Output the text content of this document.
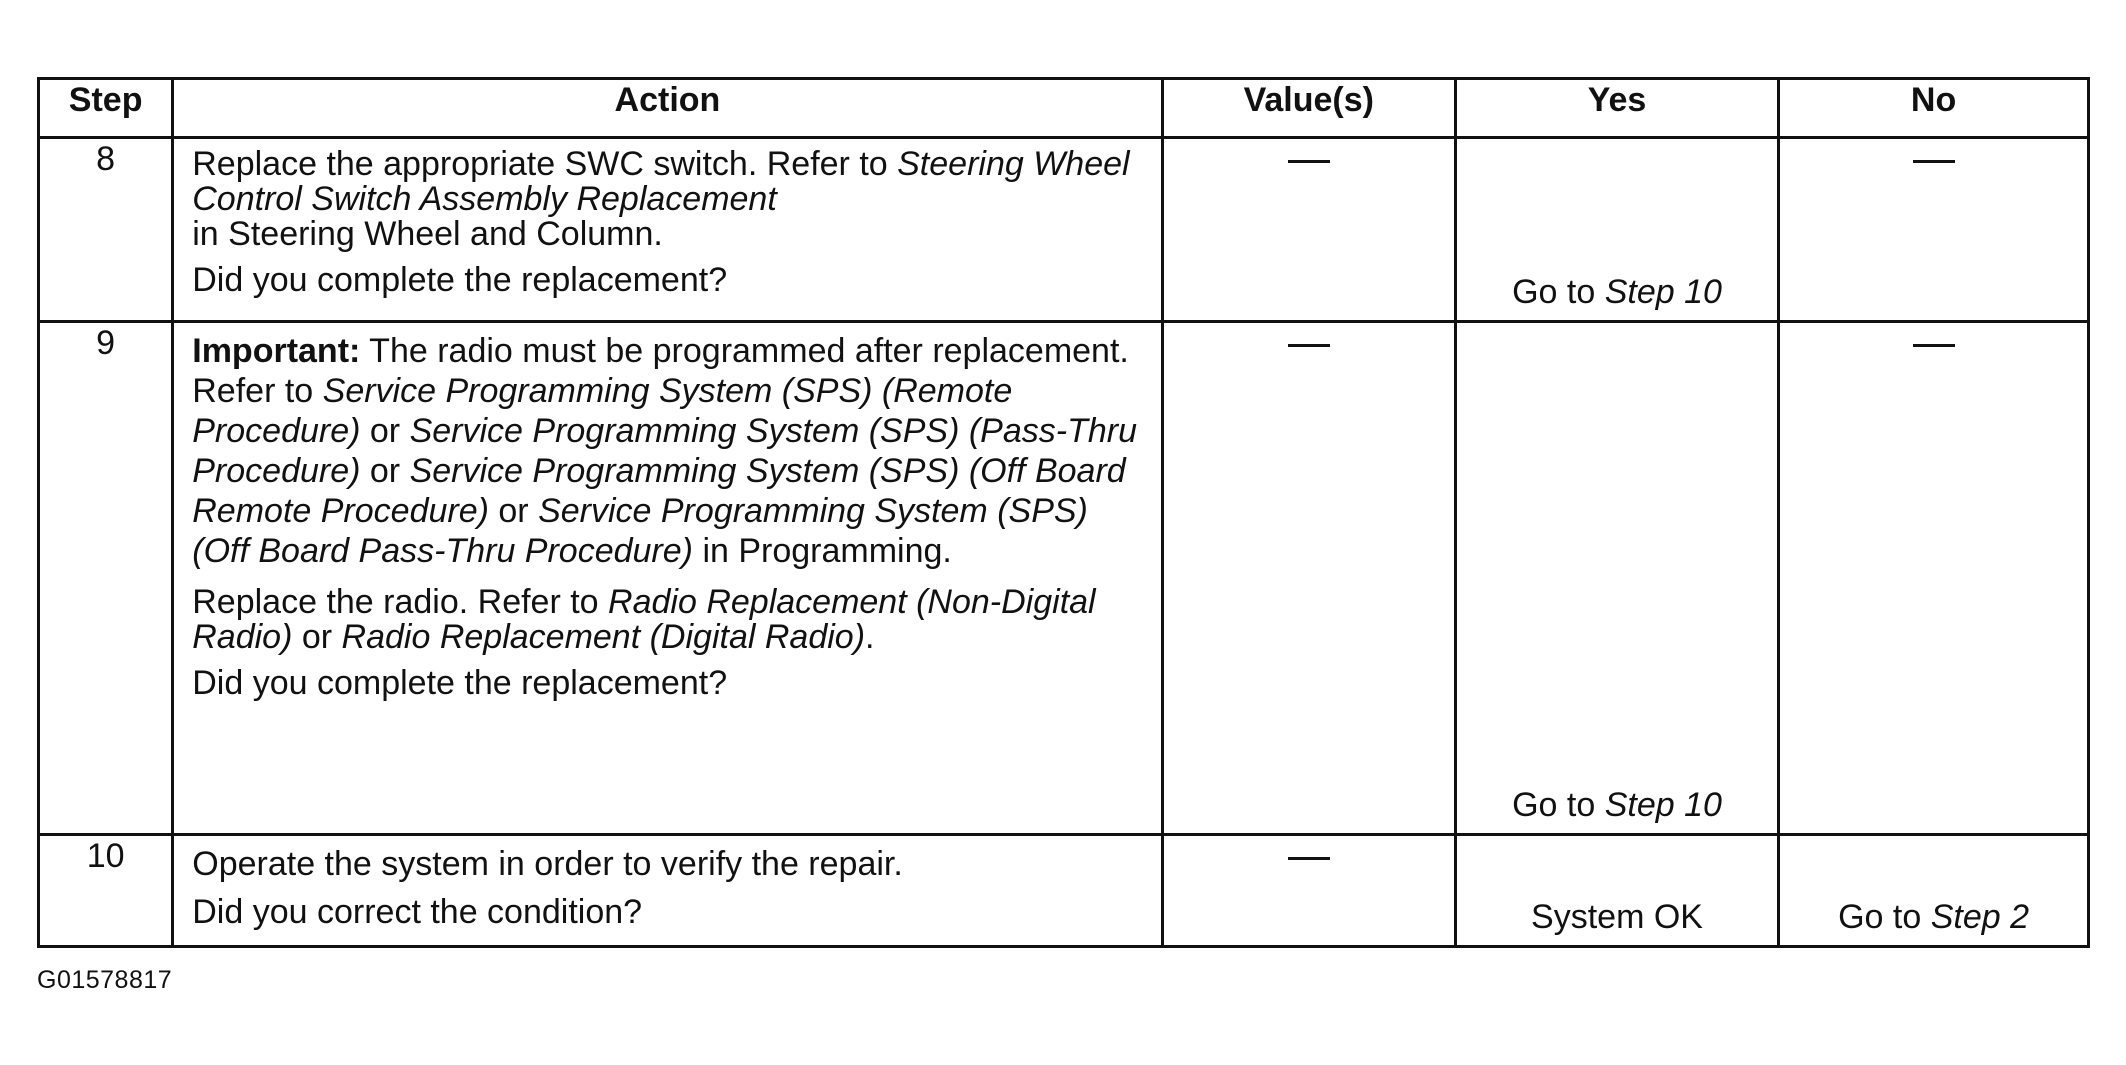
Step	Action	Value(s)	Yes	No
8	Replace the appropriate SWC switch. Refer to Steering Wheel Control Switch Assembly Replacement
in Steering Wheel and Column.
Did you complete the replacement?		Go to Step 10	

9	Important: The radio must be programmed after replacement. Refer to Service Programming System (SPS) (Remote Procedure) or Service Programming System (SPS) (Pass-Thru Procedure) or Service Programming System (SPS) (Off Board Remote Procedure) or Service Programming System (SPS) (Off Board Pass-Thru Procedure) in Programming.
Replace the radio. Refer to Radio Replacement (Non-Digital Radio) or Radio Replacement (Digital Radio).
Did you complete the replacement?		Go to Step 10	

10	Operate the system in order to verify the repair.
Did you correct the condition?		System OK	Go to Step 2
G01578817
